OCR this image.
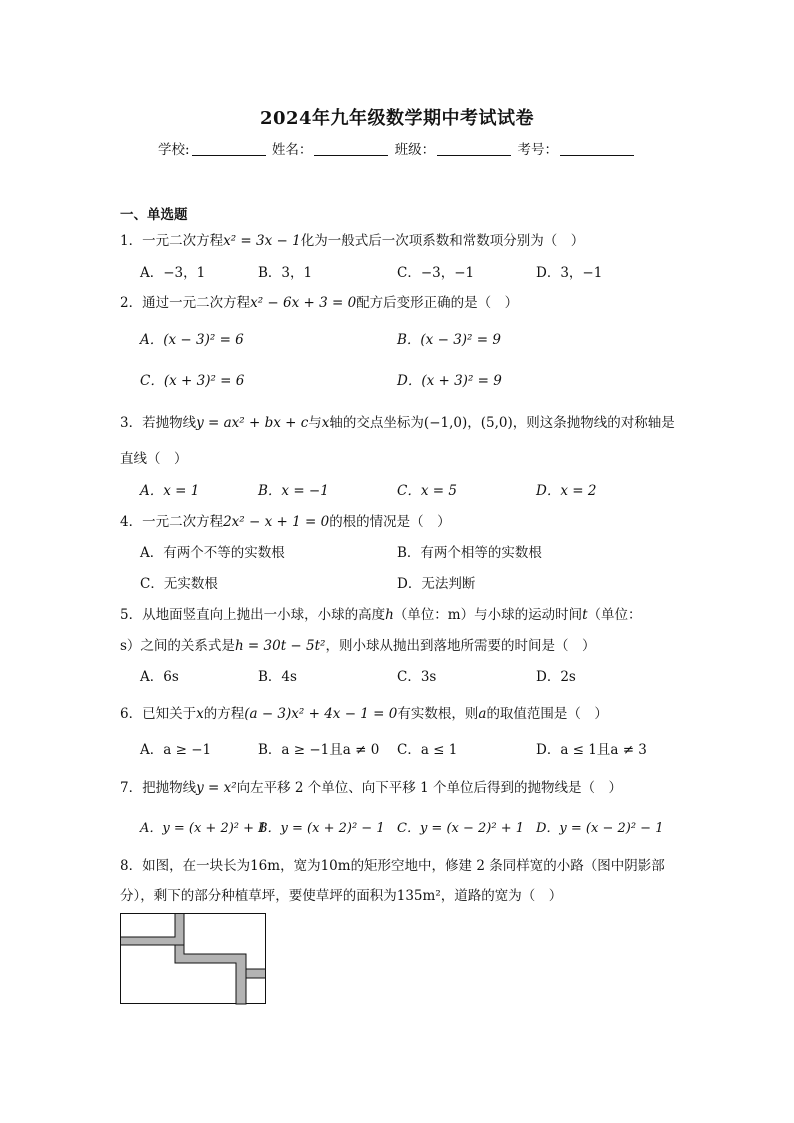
2024年九年级数学期中考试试卷
学校:	姓名：	班级：	考号：
一、单选题
1．一元二次方程x² = 3x − 1化为一般式后一次项系数和常数项分别为（　）
A．−3，1	B．3，1	C．−3，−1	D．3，−1
2．通过一元二次方程x² − 6x + 3 = 0配方后变形正确的是（　）
A．(x − 3)² = 6	B．(x − 3)² = 9
C．(x + 3)² = 6	D．(x + 3)² = 9
3．若抛物线y = ax² + bx + c与x轴的交点坐标为(−1,0)，(5,0)，则这条抛物线的对称轴是
直线（　）
A．x = 1	B．x = −1	C．x = 5	D．x = 2
4．一元二次方程2x² − x + 1 = 0的根的情况是（　）
A．有两个不等的实数根	B．有两个相等的实数根
C．无实数根	D．无法判断
5．从地面竖直向上抛出一小球，小球的高度h（单位：m）与小球的运动时间t（单位：
s）之间的关系式是h = 30t − 5t²，则小球从抛出到落地所需要的时间是（　）
A．6s	B．4s	C．3s	D．2s
6．已知关于x的方程(a − 3)x² + 4x − 1 = 0有实数根，则a的取值范围是（　）
A．a ≥ −1	B．a ≥ −1且a ≠ 0 C．a ≤ 1	D．a ≤ 1且a ≠ 3
7．把抛物线y = x²向左平移 2 个单位、向下平移 1 个单位后得到的抛物线是（　）
A．y = (x + 2)² + 1
B．y = (x + 2)² − 1 C．y = (x − 2)² + 1 D．y = (x − 2)² − 1
8．如图，在一块长为16m，宽为10m的矩形空地中，修建 2 条同样宽的小路（图中阴影部
分），剩下的部分种植草坪，要使草坪的面积为135m²，道路的宽为（　）
